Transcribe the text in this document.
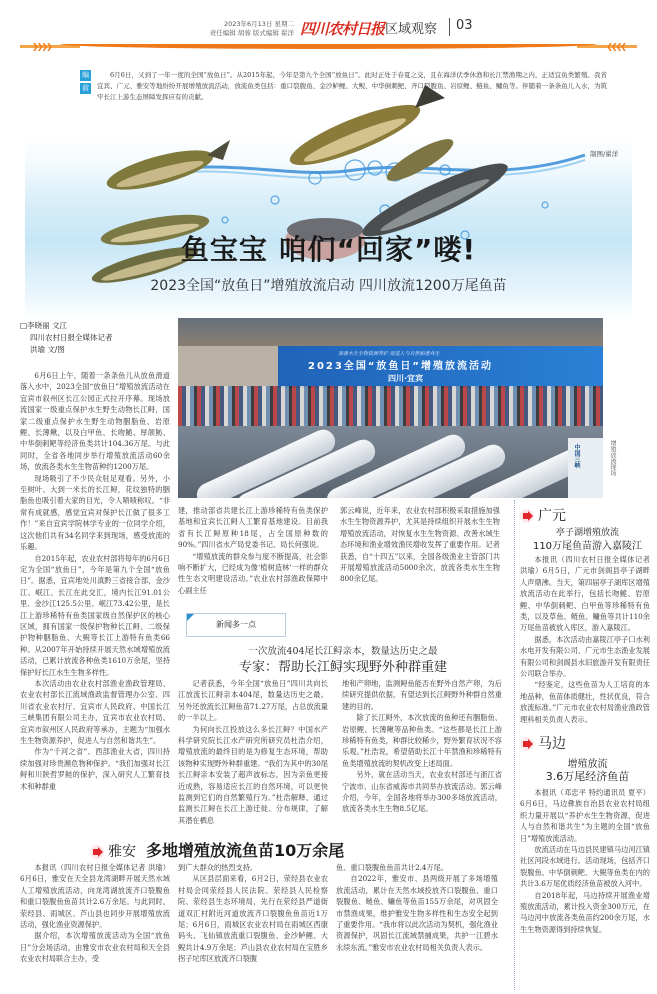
2023年6月13日 星期二
责任编辑 胡蓉 版式编辑 翟洋 四川农村日报 区域观察 03
❯❯❯❯	❮❮❮❮
编
前
6月6日，又到了一年一度的全国“放鱼日”。从2015年起，今年是第九个全国“放鱼日”。此时正处于春夏之交，且在海洋伏季休渔和长江禁渔期之内，正适宜鱼类繁殖。我省宜宾、广元、雅安等地纷纷开展增殖放流活动，放流鱼类包括：重口裂腹鱼、金沙鲈鲤、大鲵、中华倒刺鲃、齐口裂腹鱼、岩原鲤、鲢鱼、鳙鱼等。伴随着一条条鱼儿入水，为筑牢长江上游生态屏障发挥应有的贡献。
制图/翟洋
鱼宝宝 咱们“回家”喽!
2023全国“放鱼日”增殖放流启动 四川放流1200万尾鱼苗
□李晓丽 文江
四川农村日报全媒体记者
洪瑜 文/图

6月6日上午，随着一条条鱼儿从放鱼滑道落入水中，2023全国“放鱼日”增殖放流活动在宜宾市叙州区长江公园正式拉开序幕。现场放流国家一级重点保护水生野生动物长江鲟，国家二级重点保护水生野生动物胭脂鱼、岩原鲤、长薄鳅，以及白甲鱼、长吻鮠、厚颌鲂、中华倒刺鲃等经济鱼类共计104.36万尾。与此同时，全省各地同步举行增殖放流活动60余场，放流各类水生生物苗种约1200万尾。

现场吸引了不少民众驻足观看。另外，小至树叶、大到一米长的长江鲟，花纹独特的胭脂鱼也吸引着大家的目光，令人啧啧称叹。“非常有成就感，感觉宜宾对保护长江做了很多工作！”来自宜宾学院林学专业的一位同学介绍，这次他们共有34名同学来到现场，感受放流的乐趣。

自2015年起，农业农村部将每年的6月6日定为全国“放鱼日”，今年是第九个全国“放鱼日”。据悉，宜宾地处川滇黔三省接合部，金沙江、岷江、长江在此交汇，境内长江91.01公里、金沙江125.5公里、岷江73.42公里，是长江上游珍稀特有鱼类国家级自然保护区的核心区域，拥有国家一级保护物种长江鲟、二级保护物种胭脂鱼、大鲵等长江上游特有鱼类66种。从2007年开始持续开展天然水域增殖放流活动，已累计放流各种鱼类1610万余尾，坚持保护好长江水生生物多样性。

本次活动由农业农村部渔业渔政管理局、农业农村部长江流域渔政监督管理办公室、四川省农业农村厅、宜宾市人民政府、中国长江三峡集团有限公司主办，宜宾市农业农村局、宜宾市叙州区人民政府等承办，主题为“加强水生生物资源养护，促进人与自然和谐共生”。

作为“千河之省”、西部渔业大省，四川持续加强对珍贵濒危物种保护。“我们加强对长江鲟和川陕哲罗鲑的保护，深入研究人工繁育技术和种群重

加强水生生物资源养护 促进人与自然和谐共生
2023全国“放鱼日”增殖放流活动
四川·宜宾
中国三峡	增殖放流现场

建，推动部省共建长江上游珍稀特有鱼类保护基地和宜宾长江鲟人工繁育基地建设。目前我省有长江鲟原种18尾，占全国原种数的90%。”四川省水产局党委书记、局长何强说。

“增殖放流的群众参与度不断提高，社会影响不断扩大，已经成为像‘植树造林’一样的群众性生态文明建设活动。”农业农村部渔政保障中心副主任

郭云峰说，近年来，农业农村部积极采取措施加强水生生物资源养护，尤其是持续组织开展水生生物增殖放流活动，对恢复水生生物资源、改善水域生态环境和渔业增效渔民增收发挥了重要作用。记者获悉，自“十四五”以来，全国各级渔业主管部门共开展增殖放流活动5000余次，放流各类水生生物800余亿尾。

新闻多一点
一次放流404尾长江鲟亲本，数量达历史之最
专家：帮助长江鲟实现野外种群重建

记者获悉，今年全国“放鱼日”四川共向长江放流长江鲟亲本404尾，数量达历史之最。另外还放流长江鲟鱼苗71.27万尾，占总放流量的一半以上。

为何向长江投放这么多长江鲟？中国水产科学研究院长江水产研究所研究员杜浩介绍，增殖放流的最终目的是为修复生态环境，帮助该物种实现野外种群重建。“我们为其中的30尾长江鲟亲本安装了超声波标志，因为亲鱼更接近成熟，容易适应长江的自然环境，可以更快监测到它们的自然繁殖行为。”杜浩解释，通过监测长江鲟在长江上游迁徙、分布规律，了解其潜在栖息

地和产卵地，监测鲟鱼能否在野外自然产卵，为后续研究提供依据，有望达到长江鲟野外种群自然重建的目的。

除了长江鲟外，本次放流的鱼种还有胭脂鱼、岩原鲤、长薄鳅等品种鱼类。“这些都是长江上游珍稀特有鱼类，种群比较稀少，野外繁育状况不容乐观。”杜浩说，希望借助长江十年禁渔和珍稀特有鱼类增殖放流的契机改变上述局面。

另外，就在活动当天，农业农村部还与浙江省宁波市、山东省威海市共同举办放流活动。郭云峰介绍，今年，全国各地将举办300多场放流活动，放流各类水生生物8.5亿尾。

广元
亭子湖增殖放流
110万尾鱼苗游入嘉陵江

本报讯（四川农村日报全媒体记者 洪瑜）6月5日，广元市剑阁县亭子湖畔人声鼎沸。当天，第四届亭子湖库区增殖放流活动在此举行，包括长吻鮠、岩原鲤、中华倒刺鲃、白甲鱼等珍稀特有鱼类，以及草鱼、鲢鱼、鳙鱼等共计110余万尾鱼苗被放入库区，游入嘉陵江。

据悉，本次活动由嘉陵江亭子口水利水电开发有限公司、广元市生态渔业发展有限公司和剑阁县水旧旅游开发有限责任公司联合举办。

“经鉴定，这些鱼苗为人工培育的本地品种，鱼苗体质健壮，性状优良，符合放流标准。”广元市农业农村局渔业渔政管理科相关负责人表示。

马边
增殖放流
3.6万尾经济鱼苗

本报讯（邓忠平 特约通讯员 夏平）6月6日，马边彝族自治县农业农村局组织力量开展以“养护水生生物资源，促进人与自然和谐共生”为主题的全国“放鱼日”增殖放流活动。

放流活动在马边县民建镇马边河江镇社区河段水域进行。活动现场，包括齐口裂腹鱼、中华倒刺鲃、大鲵等鱼类在内的共计3.6万尾优质经济鱼苗被放入河中。

自2018年起，马边持续开展渔业增殖放流活动，累计投入资金300万元，在马边河中放流各类鱼苗约200余万尾，水生生物资源得到持续恢复。

雅安 多地增殖放流鱼苗10万余尾

本报讯（四川农村日报全媒体记者 洪瑜）6月6日，雅安在天全县龙湾湖畔开展天然水域人工增殖放流活动，向龙湾湖放流齐口裂腹鱼和重口裂腹鱼鱼苗共计2.6万余尾。与此同时，荥经县、雨城区、芦山县也同步开展增殖放流活动，强化渔业资源保护。

据介绍，本次增殖放流活动为全国“放鱼日”分会场活动，由雅安市农业农村局和天全县农业农村局联合主办，受

到广大群众的热烈支持。

从区县层面来看，6月2日，荥经县农业农村局会同荥经县人民法院、荥经县人民检察院、荥经县生态环境局，先行在荥经县严道街道双汇村附近河道放流齐口裂腹鱼鱼苗近1万尾；6月6日，雨城区农业农村局在雨城区西康码头、飞仙镇放流重口裂腹鱼、金沙鲈鲤、大鲵共计4.9万余尾；芦山县农业农村局在宝胜乡拐子坨库区放流齐口裂腹

鱼、重口裂腹鱼鱼苗共计2.4万尾。

自2022年，雅安市、县两级开展了多场增殖放流活动，累计在天然水域投放齐口裂腹鱼、重口裂腹鱼、鲢鱼、鳙鱼等鱼苗155万余尾，对巩固全市禁渔成果，维护雅安生物多样性和生态安全起到了重要作用。“我市将以此次活动为契机，强化渔业资源保护，巩固长江流域禁捕成果，共护一江碧水永续东流。”雅安市农业农村局相关负责人表示。
